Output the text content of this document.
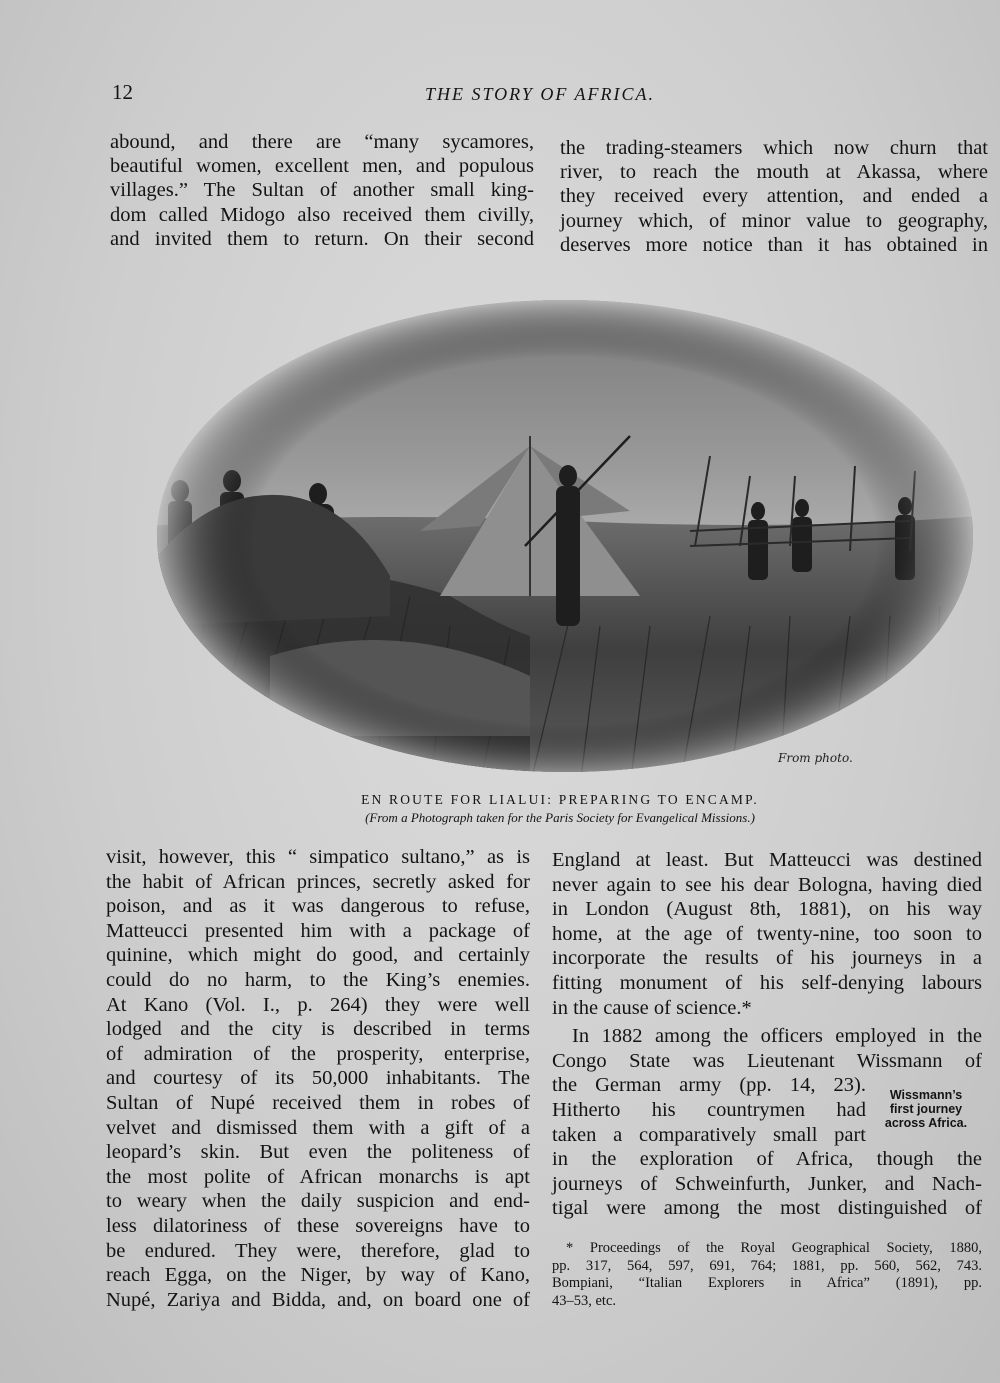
12	THE STORY OF AFRICA.
abound, and there are “many sycamores,
beautiful women, excellent men, and populous
villages.” The Sultan of another small king-
dom called Midogo also received them civilly,
and invited them to return. On their second
the trading-steamers which now churn that
river, to reach the mouth at Akassa, where
they received every attention, and ended a
journey which, of minor value to geography,
deserves more notice than it has obtained in
From photo.
EN ROUTE FOR LIALUI: PREPARING TO ENCAMP.
(From a Photograph taken for the Paris Society for Evangelical Missions.)
visit, however, this “ simpatico sultano,” as is
the habit of African princes, secretly asked for
poison, and as it was dangerous to refuse,
Matteucci presented him with a package of
quinine, which might do good, and certainly
could do no harm, to the King’s enemies.
At Kano (Vol. I., p. 264) they were well
lodged and the city is described in terms
of admiration of the prosperity, enterprise,
and courtesy of its 50,000 inhabitants. The
Sultan of Nupé received them in robes of
velvet and dismissed them with a gift of a
leopard’s skin. But even the politeness of
the most polite of African monarchs is apt
to weary when the daily suspicion and end-
less dilatoriness of these sovereigns have to
be endured. They were, therefore, glad to
reach Egga, on the Niger, by way of Kano,
Nupé, Zariya and Bidda, and, on board one of
England at least. But Matteucci was destined
never again to see his dear Bologna, having died
in London (August 8th, 1881), on his way
home, at the age of twenty-nine, too soon to
incorporate the results of his journeys in a
fitting monument of his self-denying labours
in the cause of science.*
In 1882 among the officers employed in the
Congo State was Lieutenant Wissmann of
the German army (pp. 14, 23).
Hitherto his countrymen had
taken a comparatively small part
in the exploration of Africa, though the
journeys of Schweinfurth, Junker, and Nach-
tigal were among the most distinguished of
Wissmann’s
first journey
across Africa.
* Proceedings of the Royal Geographical Society, 1880,
pp. 317, 564, 597, 691, 764; 1881, pp. 560, 562, 743.
Bompiani, “Italian Explorers in Africa” (1891), pp.
43–53, etc.
